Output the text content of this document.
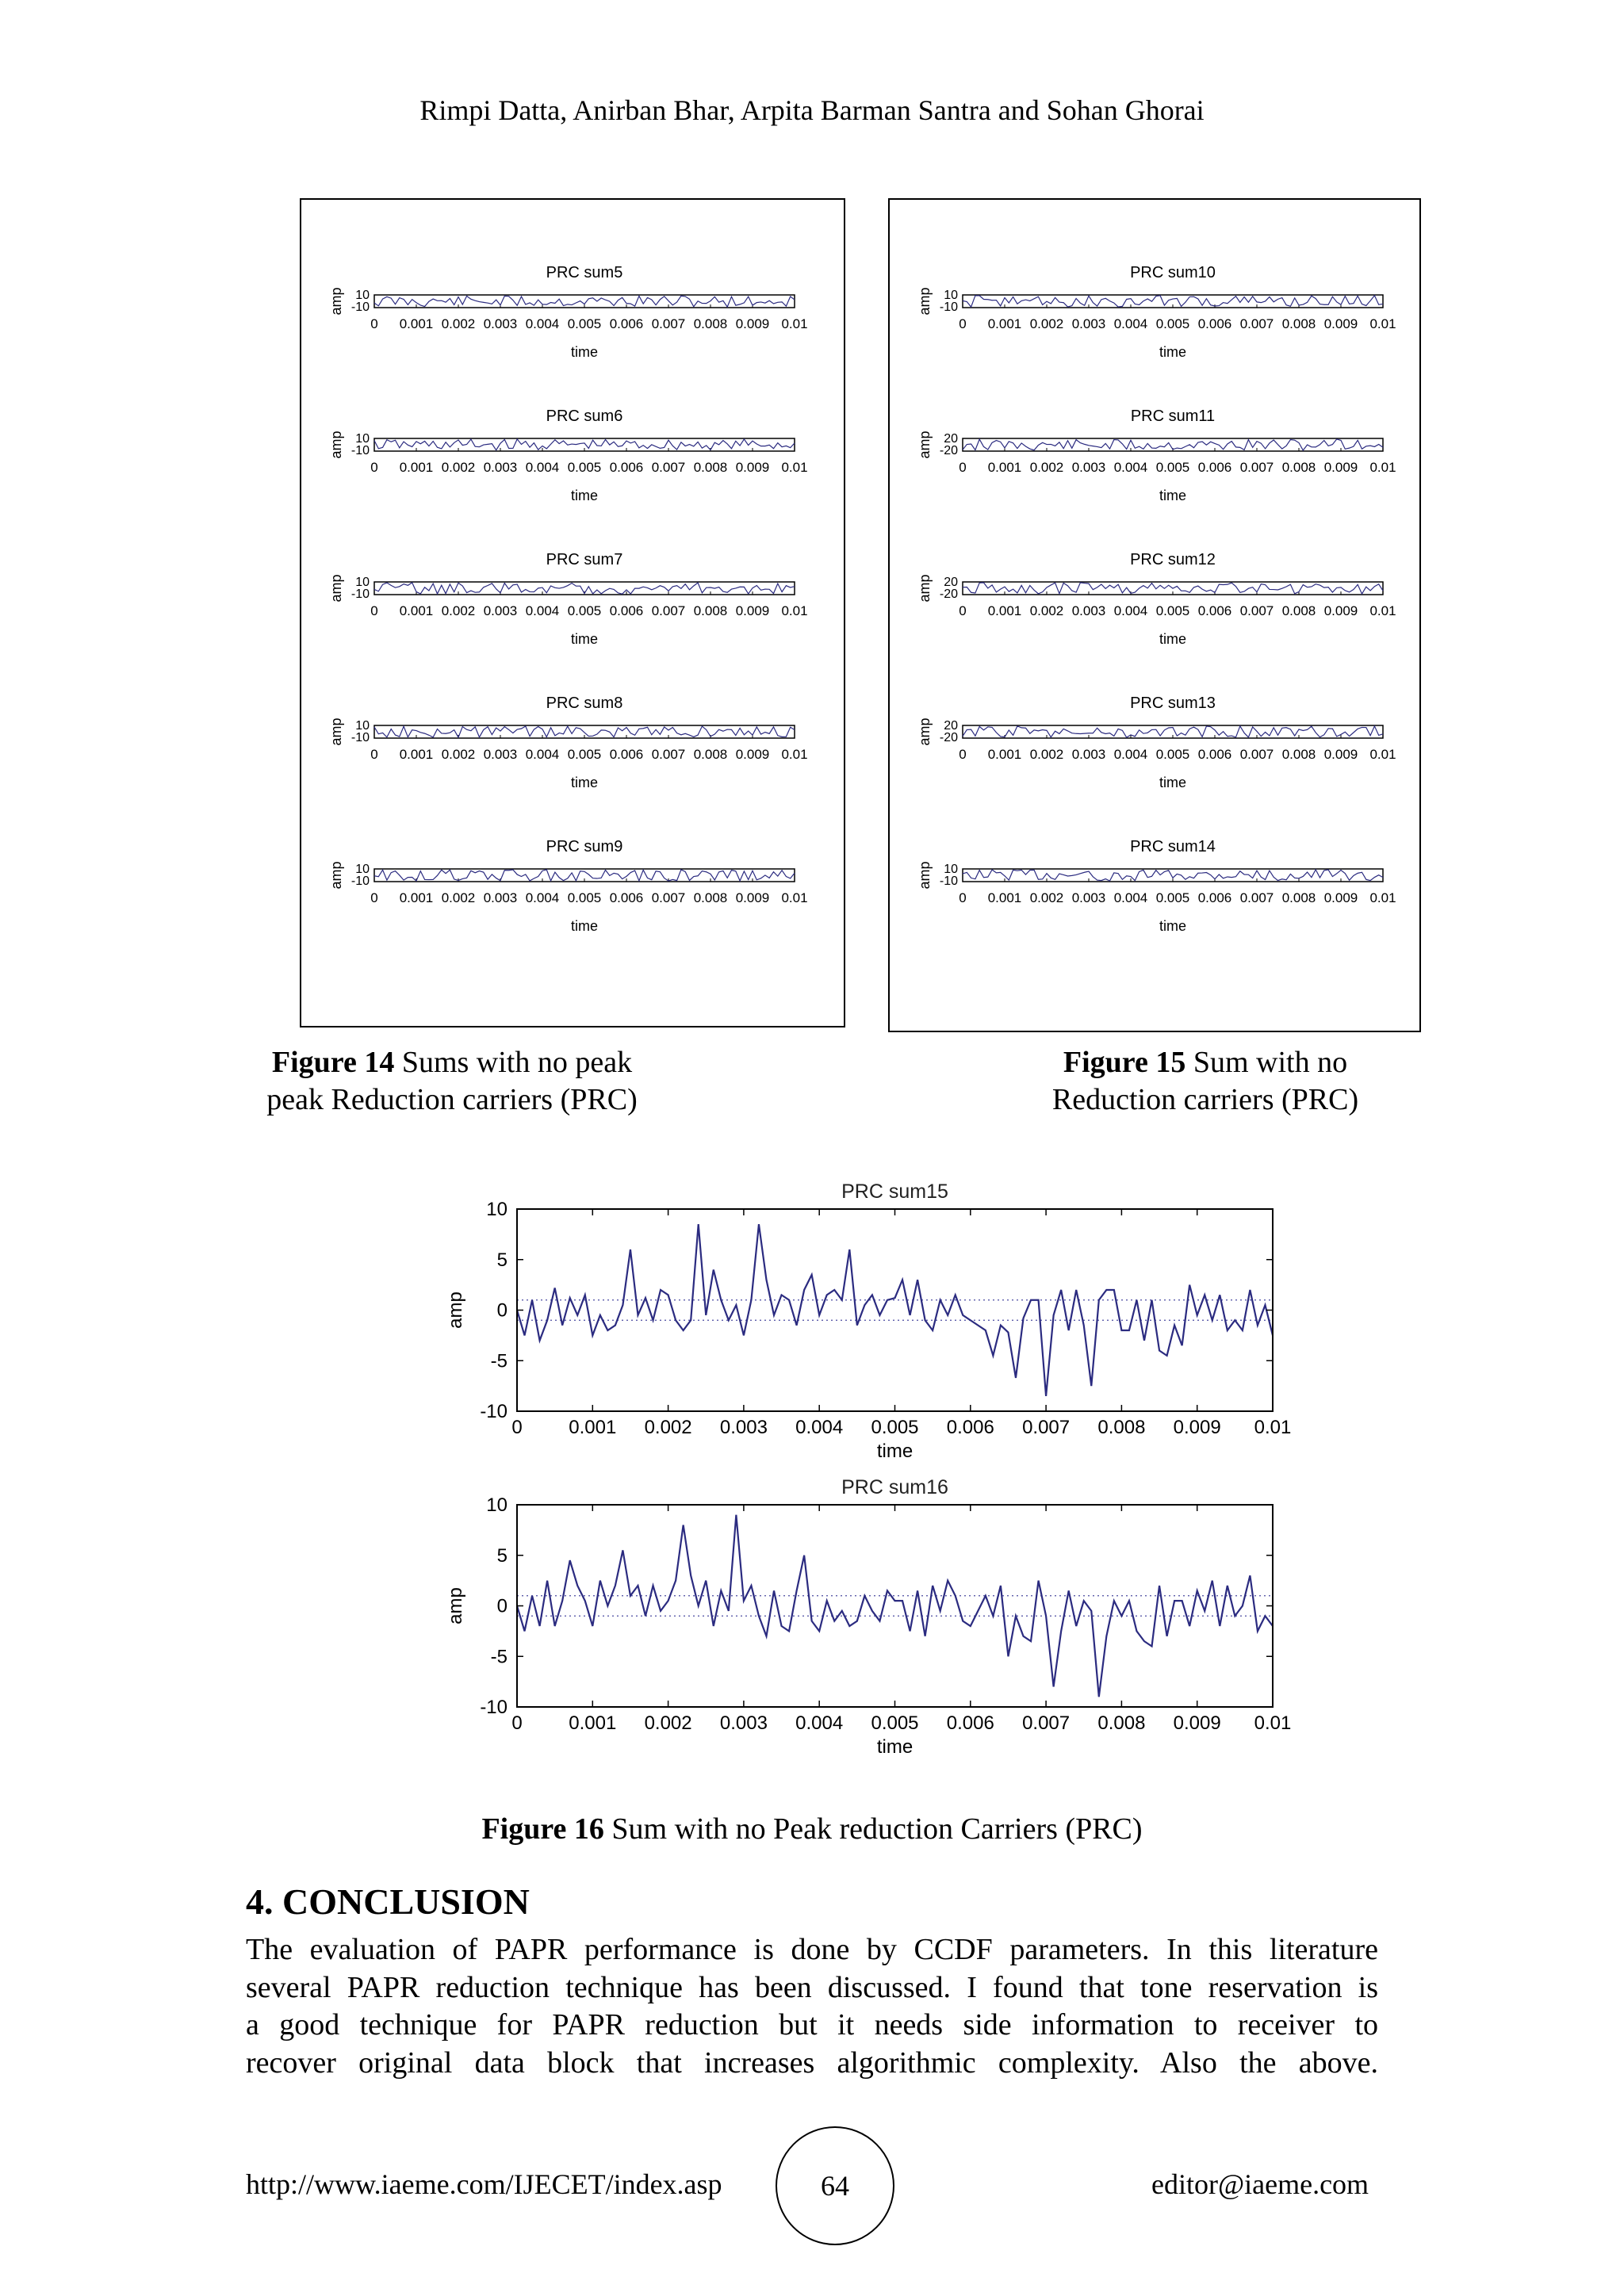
Rimpi Datta, Anirban Bhar, Arpita Barman Santra and Sohan Ghorai
PRC sum5
10
-10
amp
0 0.001 0.002 0.003 0.004 0.005 0.006 0.007 0.008 0.009 0.01
time
PRC sum6
10
-10
amp
0 0.001 0.002 0.003 0.004 0.005 0.006 0.007 0.008 0.009 0.01
time
PRC sum7
10
-10
amp
0 0.001 0.002 0.003 0.004 0.005 0.006 0.007 0.008 0.009 0.01
time
PRC sum8
10
-10
amp
0 0.001 0.002 0.003 0.004 0.005 0.006 0.007 0.008 0.009 0.01
time
PRC sum9
10
-10
amp
0 0.001 0.002 0.003 0.004 0.005 0.006 0.007 0.008 0.009 0.01
time
PRC sum10
10
-10
amp
0 0.001 0.002 0.003 0.004 0.005 0.006 0.007 0.008 0.009 0.01
time
PRC sum11
20
-20
amp
0 0.001 0.002 0.003 0.004 0.005 0.006 0.007 0.008 0.009 0.01
time
PRC sum12
20
-20
amp
0 0.001 0.002 0.003 0.004 0.005 0.006 0.007 0.008 0.009 0.01
time
PRC sum13
20
-20
amp
0 0.001 0.002 0.003 0.004 0.005 0.006 0.007 0.008 0.009 0.01
time
PRC sum14
10
-10
amp
0 0.001 0.002 0.003 0.004 0.005 0.006 0.007 0.008 0.009 0.01
time
Figure 14 Sums with no peak
peak Reduction carriers (PRC)
Figure 15 Sum with no
Reduction carriers (PRC)
PRC sum15
10
5
0
-5
-10
0 0.001 0.002 0.003 0.004 0.005 0.006 0.007 0.008 0.009 0.01
time
amp
PRC sum16
10
5
0
-5
-10
0 0.001 0.002 0.003 0.004 0.005 0.006 0.007 0.008 0.009 0.01
time
amp
Figure 16 Sum with no Peak reduction Carriers (PRC)
4. CONCLUSION
The evaluation of PAPR performance is done by CCDF parameters. In this literature
several PAPR reduction technique has been discussed. I found that tone reservation is
a good technique for PAPR reduction but it needs side information to receiver to
recover original data block that increases algorithmic complexity. Also the above.
http://www.iaeme.com/IJECET/index.asp	64	editor@iaeme.com
